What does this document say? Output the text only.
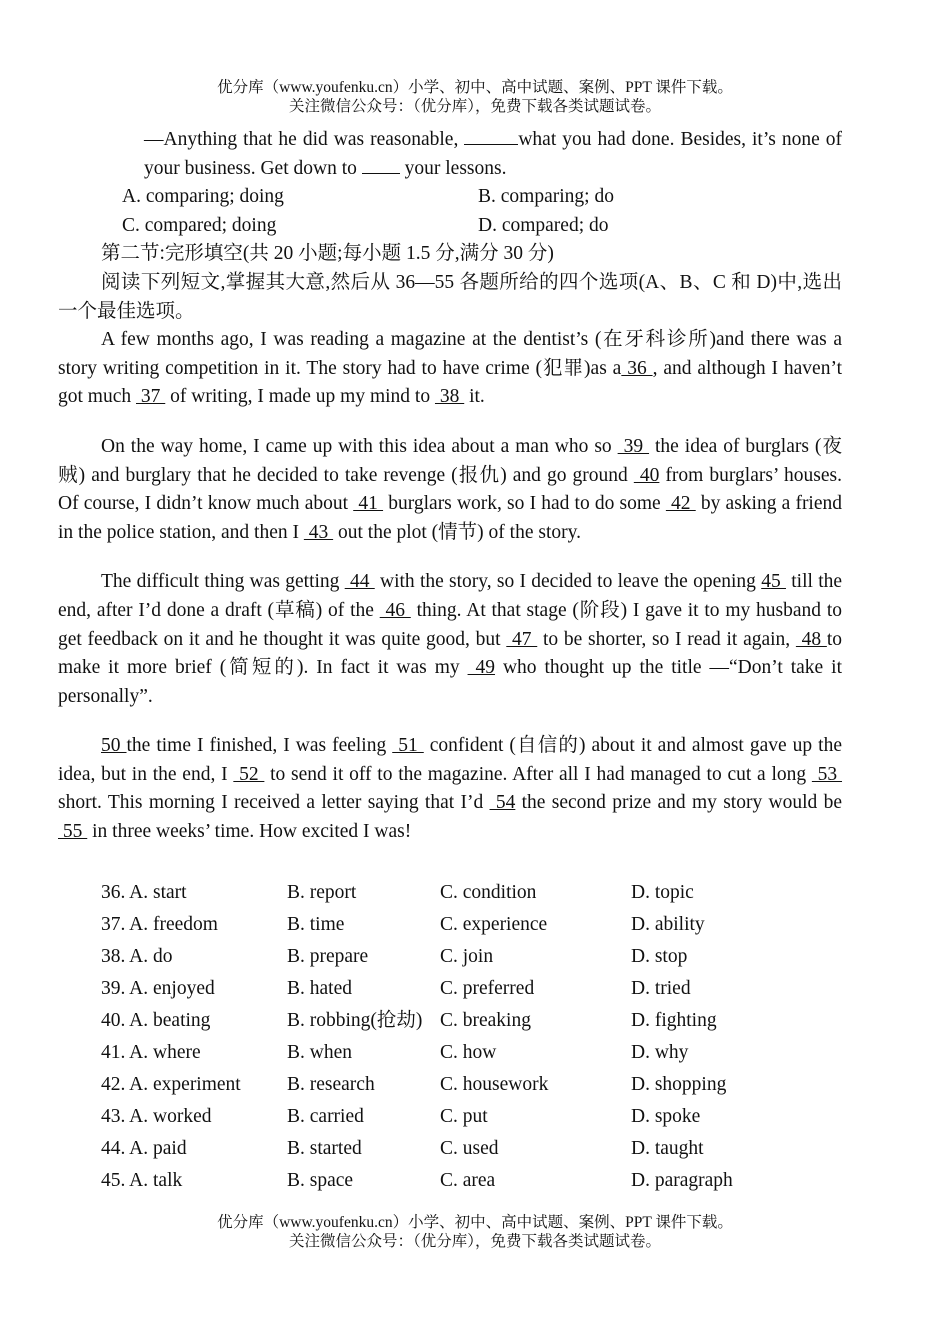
优分库（www.youfenku.cn）小学、初中、高中试题、案例、PPT 课件下载。
关注微信公众号：（优分库），免费下载各类试题试卷。

—Anything that he did was reasonable,	what you had done. Besides, it’s none of your business. Get down to  your lessons.

A. comparing; doing	B. comparing; do
C. compared; doing	D. compared; do

第二节:完形填空(共 20 小题;每小题 1.5 分,满分 30 分)

阅读下列短文,掌握其大意,然后从 36—55 各题所给的四个选项(A、B、C 和 D)中,选出一个最佳选项。

A few months ago, I was reading a magazine at the dentist’s (在牙科诊所)and there was a story writing competition in it. The story had to have crime (犯罪)as a 36 , and although I haven’t got much  37  of writing, I made up my mind to  38  it.

On the way home, I came up with this idea about a man who so  39  the idea of burglars (夜贼) and burglary that he decided to take revenge (报仇) and go ground  40 from burglars’ houses. Of course, I didn’t know much about  41  burglars work, so I had to do some  42  by asking a friend in the police station, and then I  43  out the plot (情节) of the story.

The difficult thing was getting  44  with the story, so I decided to leave the opening 45  till the end, after I’d done a draft (草稿) of the  46  thing. At that stage (阶段) I gave it to my husband to get feedback on it and he thought it was quite good, but  47  to be shorter, so I read it again,  48 to make it more brief (简短的). In fact it was my  49 who thought up the title —“Don’t take it personally”.

50 the time I finished, I was feeling  51  confident (自信的) about it and almost gave up the idea, but in the end, I  52  to send it off to the magazine. After all I had managed to cut a long  53  short. This morning I received a letter saying that I’d  54 the second prize and my story would be  55  in three weeks’ time. How excited I was!

36. A. start	B. report	C. condition	D. topic
37. A. freedom	B. time	C. experience	D. ability
38. A. do	B. prepare	C. join	D. stop
39. A. enjoyed	B. hated	C. preferred	D. tried
40. A. beating	B. robbing(抢劫) C. breaking	D. fighting
41. A. where	B. when	C. how	D. why
42. A. experiment	B. research	C. housework	D. shopping
43. A. worked	B. carried	C. put	D. spoke
44. A. paid	B. started	C. used	D. taught
45. A. talk	B. space	C. area	D. paragraph
优分库（www.youfenku.cn）小学、初中、高中试题、案例、PPT 课件下载。
关注微信公众号：（优分库），免费下载各类试题试卷。
